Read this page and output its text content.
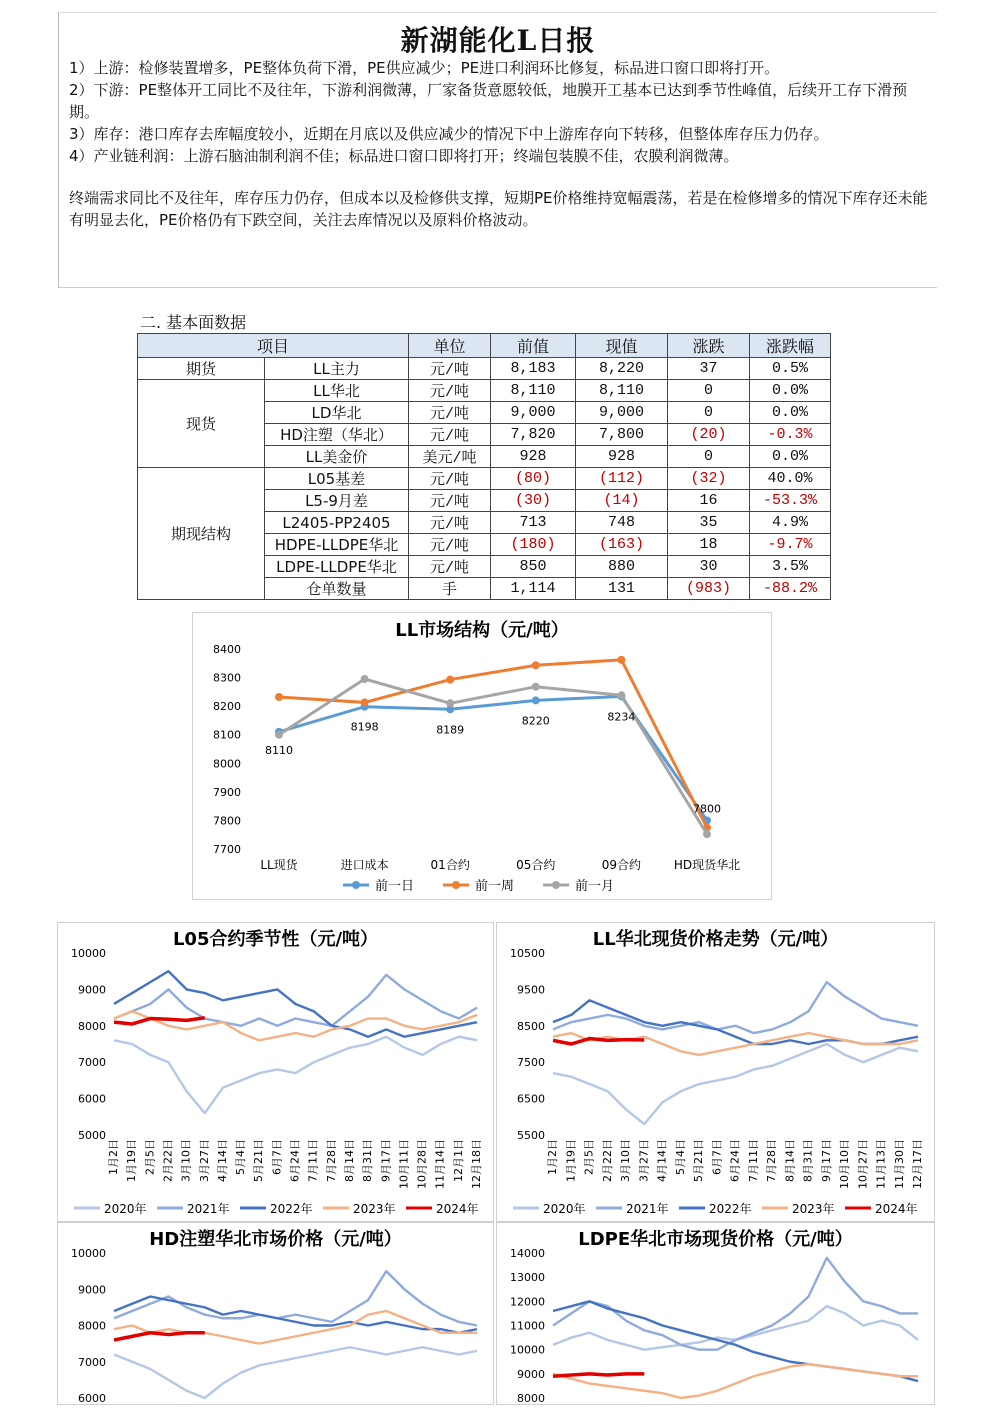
新湖能化L日报
1）上游：检修装置增多，PE整体负荷下滑，PE供应减少；PE进口利润环比修复，标品进口窗口即将打开。
2）下游：PE整体开工同比不及往年，下游利润微薄，厂家备货意愿较低，地膜开工基本已达到季节性峰值，后续开工存下滑预期。
3）库存：港口库存去库幅度较小，近期在月底以及供应减少的情况下中上游库存向下转移，但整体库存压力仍存。
4）产业链利润：上游石脑油制利润不佳；标品进口窗口即将打开；终端包装膜不佳，农膜利润微薄。
终端需求同比不及往年，库存压力仍存，但成本以及检修供支撑，短期PE价格维持宽幅震荡，若是在检修增多的情况下库存还未能有明显去化，PE价格仍有下跌空间，关注去库情况以及原料价格波动。
二. 基本面数据
项目		单位	前值	现值	涨跌	涨跌幅
期货	LL主力	元/吨	8,183	8,220	37	0.5%
现货	LL华北	元/吨	8,110	8,110	0	0.0%
	LD华北	元/吨	9,000	9,000	0	0.0%
	HD注塑（华北）	元/吨	7,820	7,800	(20)	-0.3%
	LL美金价	美元/吨	928	928	0	0.0%
期现结构	L05基差	元/吨	(80)	(112)	(32)	40.0%
	L5-9月差	元/吨	(30)	(14)	16	-53.3%
	L2405-PP2405	元/吨	713	748	35	4.9%
	HDPE-LLDPE华北	元/吨	(180)	(163)	18	-9.7%
	LDPE-LLDPE华北	元/吨	850	880	30	3.5%
	仓单数量	手	1,114	131	(983)	-88.2%
LL市场结构（元/吨）
7700
7800
7900
8000
8100
8200
8300
8400
LL现货	进口成本	01合约	05合约	09合约	HD现货华北
8110
8198	8189
8220	8234
7800
前一日	前一周	前一月
L05合约季节性（元/吨）
5000
6000
7000
8000
9000
10000
1月2日 1月19日 2月5日 2月22日 3月10日 3月27日 4月14日 5月4日 5月21日 6月7日 6月24日 7月11日 7月28日 8月14日 8月31日 9月17日 10月11日 10月28日 11月14日 12月1日 12月18日
2020年	2021年	2022年	2023年	2024年
LL华北现货价格走势（元/吨）
5500
6500
7500
8500
9500
10500
1月2日 1月19日 2月5日 2月22日 3月10日 3月27日 4月14日 5月4日 5月21日 6月7日 6月24日 7月11日 7月28日 8月14日 8月31日 9月17日 10月10日 10月27日 11月13日 11月30日 12月17日
2020年	2021年	2022年	2023年	2024年
HD注塑华北市场价格（元/吨）
6000
7000
8000
9000
10000
LDPE华北市场现货价格（元/吨）
8000
9000
10000
11000
12000
13000
14000
